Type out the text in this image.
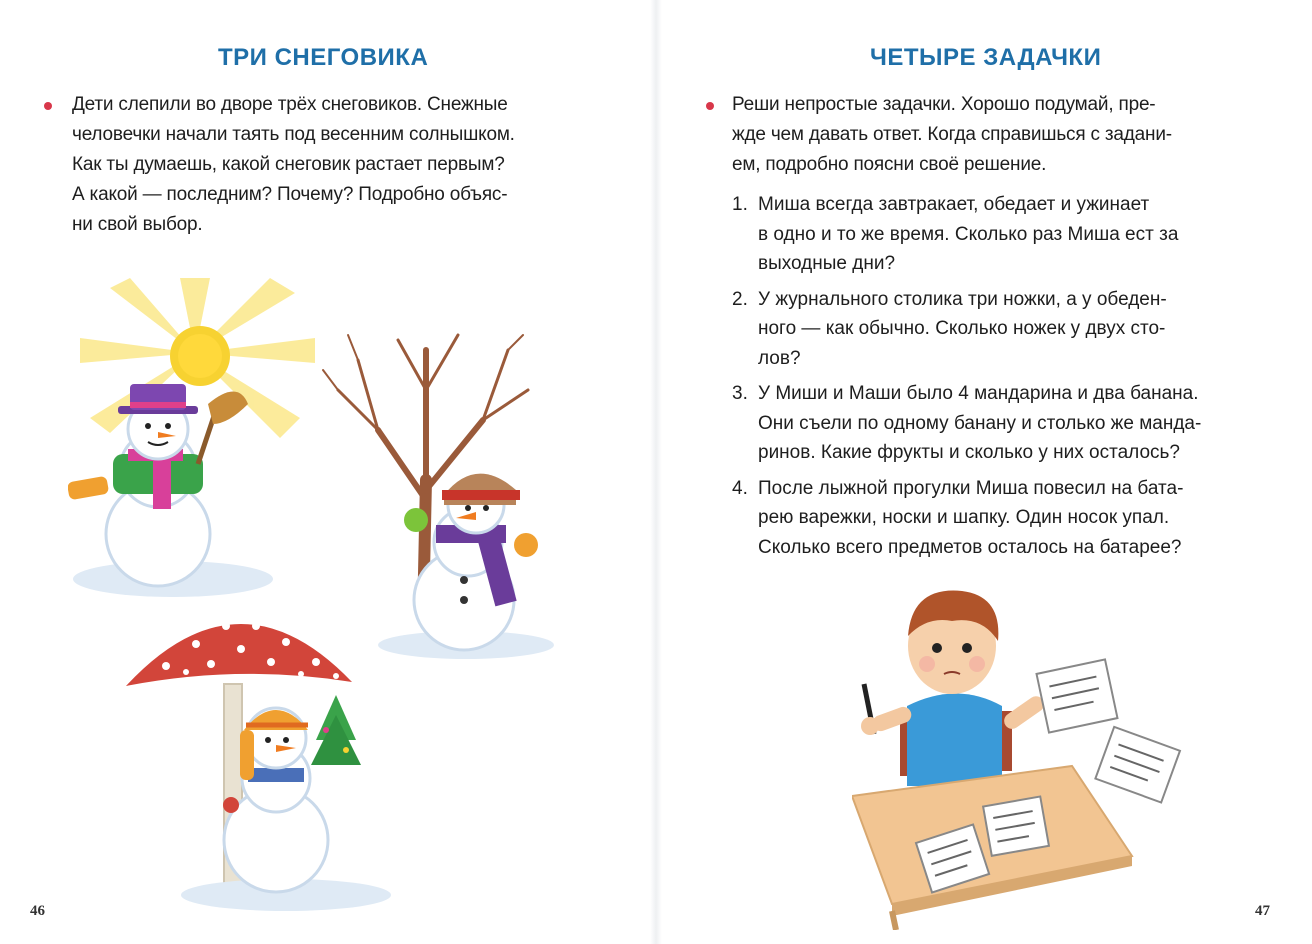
ТРИ СНЕГОВИКА

Дети слепили во дворе трёх снеговиков. Снежные
человечки начали таять под весенним солнышком.
Как ты думаешь, какой снеговик растает первым?
А какой — последним? Почему? Подробно объяс-
ни свой выбор.

46
ЧЕТЫРЕ ЗАДАЧКИ

Реши непростые задачки. Хорошо подумай, пре-
жде чем давать ответ. Когда справишься с задани-
ем, подробно поясни своё решение.

1. Миша всегда завтракает, обедает и ужинает
в одно и то же время. Сколько раз Миша ест за
выходные дни?
2. У журнального столика три ножки, а у обеден-
ного — как обычно. Сколько ножек у двух сто-
лов?
3. У Миши и Маши было 4 мандарина и два банана.
Они съели по одному банану и столько же манда-
ринов. Какие фрукты и сколько у них осталось?
4. После лыжной прогулки Миша повесил на бата-
рею варежки, носки и шапку. Один носок упал.
Сколько всего предметов осталось на батарее?
47
